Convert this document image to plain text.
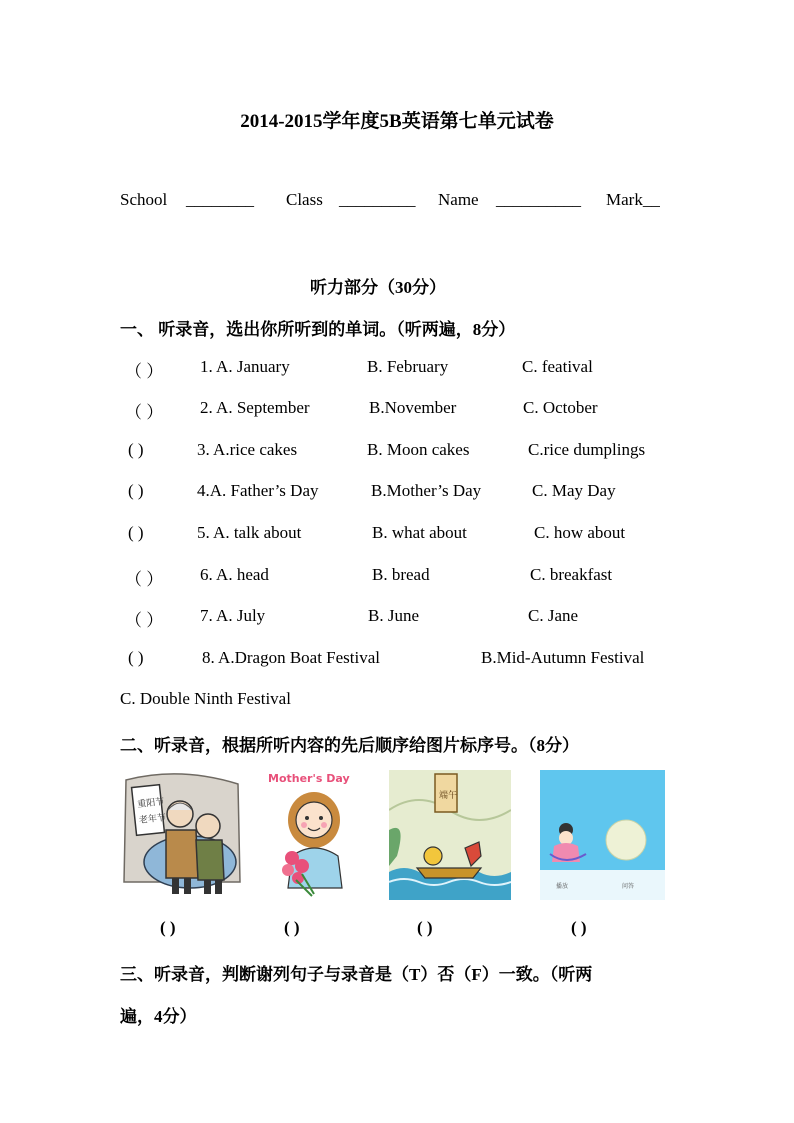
2014-2015学年度5B英语第七单元试卷
School ________ Class _________ Name __________ Mark__
听力部分（30分）
一、 听录音，选出你所听到的单词。（听两遍，8分）
（ ） 1. A. January	B. February	C. featival
（ ） 2. A. September	B.November	C. October
( )	3. A.rice cakes	B. Moon cakes	C.rice dumplings
( )	4.A. Father’s Day	B.Mother’s Day	C. May Day
( )	5. A. talk about	B. what about	C. how about
（ ） 6. A. head	B. bread	C. breakfast
（ ） 7. A. July	B. June	C. Jane
( )	8. A.Dragon Boat Festival	B.Mid-Autumn Festival
C. Double Ninth Festival
二、听录音，根据所听内容的先后顺序给图片标序号。（8分）
重阳节
老年节
Mother's Day
端午
播放	问答
( )	( )	( )	( )
三、听录音，判断谢列句子与录音是（T）否（F）一致。（听两
遍，4分）
